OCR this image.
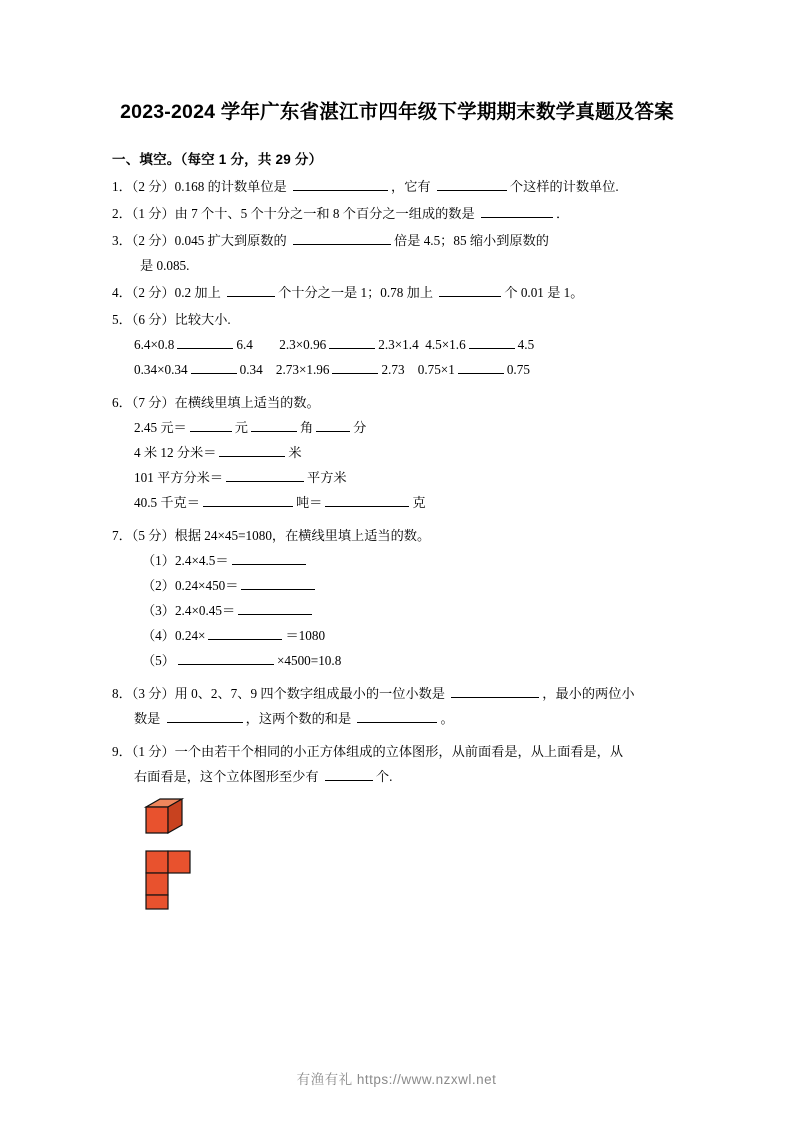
2023-2024 学年广东省湛江市四年级下学期期末数学真题及答案
一、填空。（每空 1 分，共 29 分）
1．（2 分）0.168 的计数单位是	，它有	个这样的计数单位.
2．（1 分）由 7 个十、5 个十分之一和 8 个百分之一组成的数是	．
3．（2 分）0.045 扩大到原数的	倍是 4.5；85 缩小到原数的
是 0.085.
4．（2 分）0.2 加上	个十分之一是 1；0.78 加上	个 0.01 是 1。
5．（6 分）比较大小.
6.4×0.8	6.4 2.3×0.96	2.3×1.4 4.5×1.6	4.5
0.34×0.34	0.34 2.73×1.96	2.73 0.75×1	0.75
6．（7 分）在横线里填上适当的数。
2.45 元＝	元	角	分
4 米 12 分米＝	米
101 平方分米＝	平方米
40.5 千克＝	吨＝	克
7．（5 分）根据 24×45=1080，在横线里填上适当的数。
（1）2.4×4.5＝
（2）0.24×450＝
（3）2.4×0.45＝
（4）0.24×	＝1080
（5）	×4500=10.8
8．（3 分）用 0、2、7、9 四个数字组成最小的一位小数是	，最小的两位小
数是	，这两个数的和是	。
9．（1 分）一个由若干个相同的小正方体组成的立体图形，从前面看是，从上面看是，从
右面看是，这个立体图形至少有	个.
有渔有礼 https://www.nzxwl.net
